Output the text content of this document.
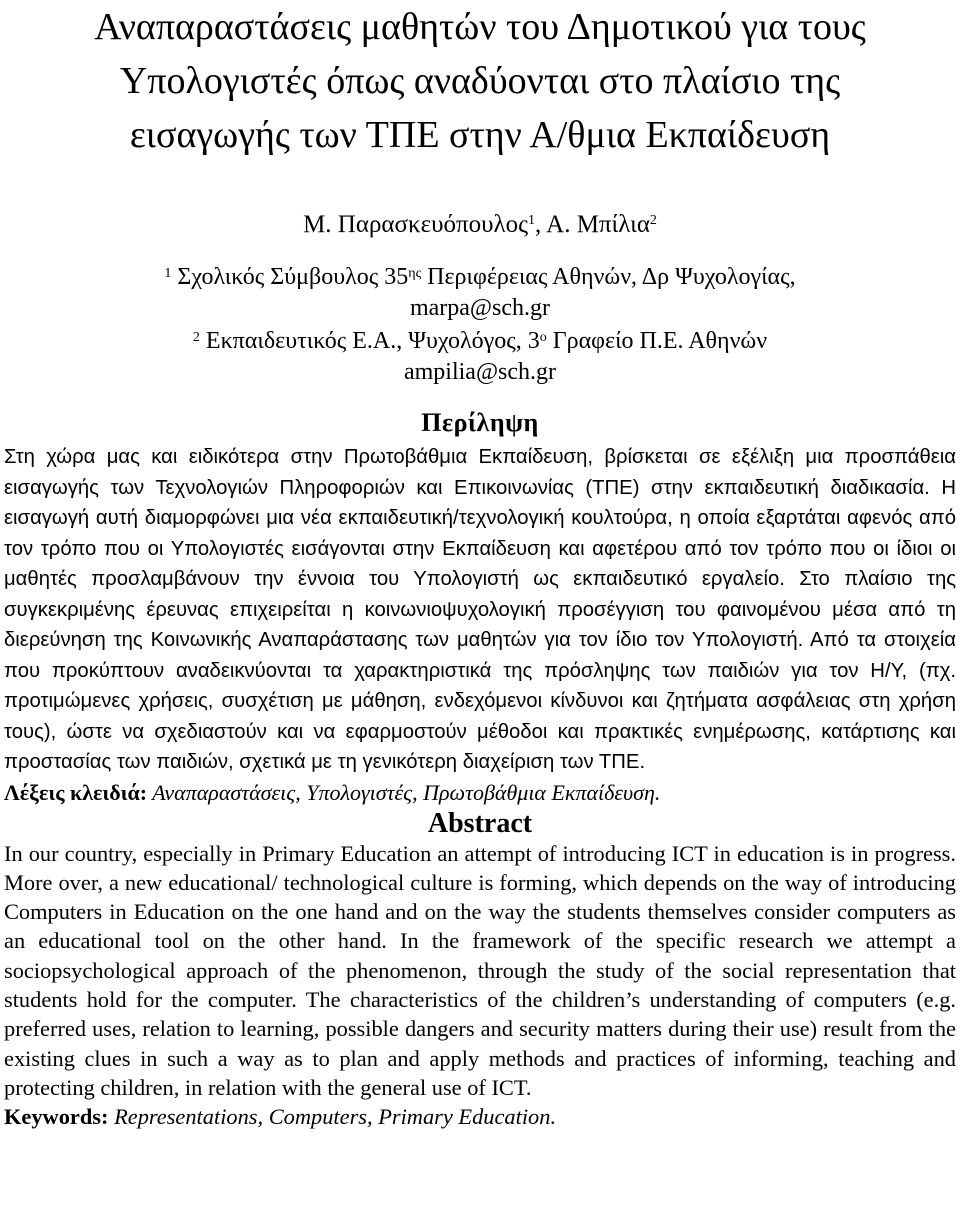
Αναπαραστάσεις μαθητών του Δημοτικού για τους
Υπολογιστές όπως αναδύονται στο πλαίσιο της
εισαγωγής των ΤΠΕ στην Α/θμια Εκπαίδευση
Μ. Παρασκευόπουλος$^1$, Α. Μπίλια$^2$
$^1$ Σχολικός Σύμβουλος $35^{\eta\varsigma}$ Περιφέρειας Αθηνών, Δρ Ψυχολογίας,
marpa@sch.gr
$^2$ Εκπαιδευτικός Ε.Α., Ψυχολόγος, $3^o$ Γραφείο Π.Ε. Αθηνών
ampilia@sch.gr
Περίληψη

Στη χώρα μας και ειδικότερα στην Πρωτοβάθμια Εκπαίδευση, βρίσκεται σε εξέλιξη μια προσπάθεια εισαγωγής των Τεχνολογιών Πληροφοριών και Επικοινωνίας (ΤΠΕ) στην εκπαιδευτική διαδικασία. Η εισαγωγή αυτή διαμορφώνει μια νέα εκπαιδευτική/τεχνολογική κουλτούρα, η οποία εξαρτάται αφενός από τον τρόπο που οι Υπολογιστές εισάγονται στην Εκπαίδευση και αφετέρου από τον τρόπο που οι ίδιοι οι μαθητές προσλαμβάνουν την έννοια του Υπολογιστή ως εκπαιδευτικό εργαλείο. Στο πλαίσιο της συγκεκριμένης έρευνας επιχειρείται η κοινωνιοψυχολογική προσέγγιση του φαινομένου μέσα από τη διερεύνηση της Κοινωνικής Αναπαράστασης των μαθητών για τον ίδιο τον Υπολογιστή. Από τα στοιχεία που προκύπτουν αναδεικνύονται τα χαρακτηριστικά της πρόσληψης των παιδιών για τον Η/Υ, (πχ. προτιμώμενες χρήσεις, συσχέτιση με μάθηση, ενδεχόμενοι κίνδυνοι και ζητήματα ασφάλειας στη χρήση τους), ώστε να σχεδιαστούν και να εφαρμοστούν μέθοδοι και πρακτικές ενημέρωσης, κατάρτισης και προστασίας των παιδιών, σχετικά με τη γενικότερη διαχείριση των ΤΠΕ.

Λέξεις κλειδιά: Αναπαραστάσεις, Υπολογιστές, Πρωτοβάθμια Εκπαίδευση.

Abstract

In our country, especially in Primary Education an attempt of introducing ICT in education is in progress. More over, a new educational/ technological culture is forming, which depends on the way of introducing Computers in Education on the one hand and on the way the students themselves consider computers as an educational tool on the other hand. In the framework of the specific research we attempt a sociopsychological approach of the phenomenon, through the study of the social representation that students hold for the computer. The characteristics of the children’s understanding of computers (e.g. preferred uses, relation to learning, possible dangers and security matters during their use) result from the existing clues in such a way as to plan and apply methods and practices of informing, teaching and protecting children, in relation with the general use of ICT.

Keywords: Representations, Computers, Primary Education.
